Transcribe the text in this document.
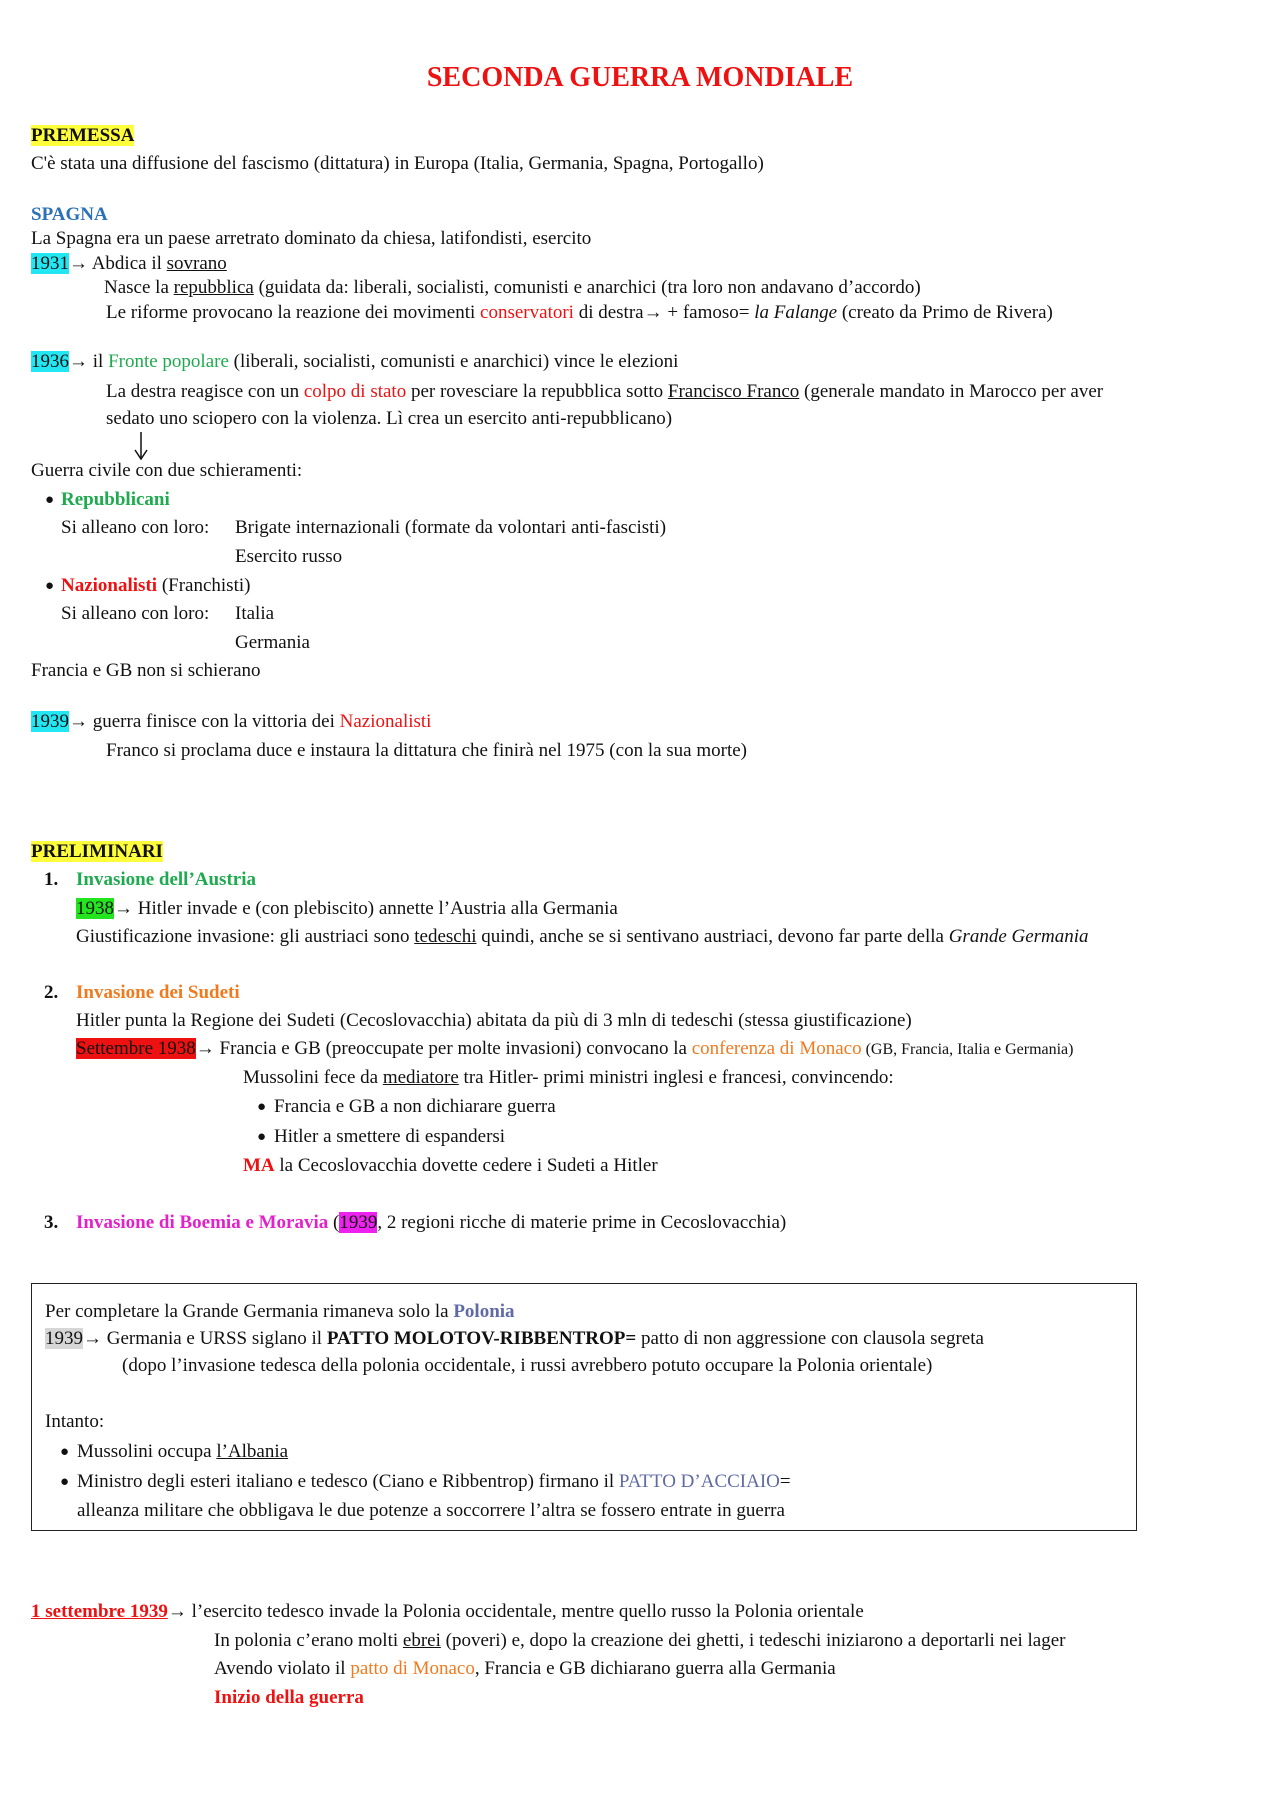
SECONDA GUERRA MONDIALE
PREMESSA
C'è stata una diffusione del fascismo (dittatura) in Europa (Italia, Germania, Spagna, Portogallo)
SPAGNA
La Spagna era un paese arretrato dominato da chiesa, latifondisti, esercito
1931→ Abdica il sovrano
Nasce la repubblica (guidata da: liberali, socialisti, comunisti e anarchici (tra loro non andavano d’accordo)
Le riforme provocano la reazione dei movimenti conservatori di destra→ + famoso= la Falange (creato da Primo de Rivera)
1936→ il Fronte popolare (liberali, socialisti, comunisti e anarchici) vince le elezioni
La destra reagisce con un colpo di stato per rovesciare la repubblica sotto Francisco Franco (generale mandato in Marocco per aver
sedato uno sciopero con la violenza. Lì crea un esercito anti-repubblicano)
Guerra civile con due schieramenti:
● Repubblicani
Si alleano con loro: Brigate internazionali (formate da volontari anti-fascisti)
Esercito russo
● Nazionalisti (Franchisti)
Si alleano con loro: Italia
Germania
Francia e GB non si schierano
1939→ guerra finisce con la vittoria dei Nazionalisti
Franco si proclama duce e instaura la dittatura che finirà nel 1975 (con la sua morte)
PRELIMINARI
1. Invasione dell’Austria
1938→ Hitler invade e (con plebiscito) annette l’Austria alla Germania
Giustificazione invasione: gli austriaci sono tedeschi quindi, anche se si sentivano austriaci, devono far parte della Grande Germania
2. Invasione dei Sudeti
Hitler punta la Regione dei Sudeti (Cecoslovacchia) abitata da più di 3 mln di tedeschi (stessa giustificazione)
Settembre 1938→ Francia e GB (preoccupate per molte invasioni) convocano la conferenza di Monaco (GB, Francia, Italia e Germania)
Mussolini fece da mediatore tra Hitler- primi ministri inglesi e francesi, convincendo:
● Francia e GB a non dichiarare guerra
● Hitler a smettere di espandersi
MA la Cecoslovacchia dovette cedere i Sudeti a Hitler
3. Invasione di Boemia e Moravia (1939, 2 regioni ricche di materie prime in Cecoslovacchia)
Per completare la Grande Germania rimaneva solo la Polonia
1939→ Germania e URSS siglano il PATTO MOLOTOV-RIBBENTROP= patto di non aggressione con clausola segreta
(dopo l’invasione tedesca della polonia occidentale, i russi avrebbero potuto occupare la Polonia orientale)
Intanto:
● Mussolini occupa l’Albania
● Ministro degli esteri italiano e tedesco (Ciano e Ribbentrop) firmano il PATTO D’ACCIAIO=
alleanza militare che obbligava le due potenze a soccorrere l’altra se fossero entrate in guerra
1 settembre 1939→ l’esercito tedesco invade la Polonia occidentale, mentre quello russo la Polonia orientale
In polonia c’erano molti ebrei (poveri) e, dopo la creazione dei ghetti, i tedeschi iniziarono a deportarli nei lager
Avendo violato il patto di Monaco, Francia e GB dichiarano guerra alla Germania
Inizio della guerra
